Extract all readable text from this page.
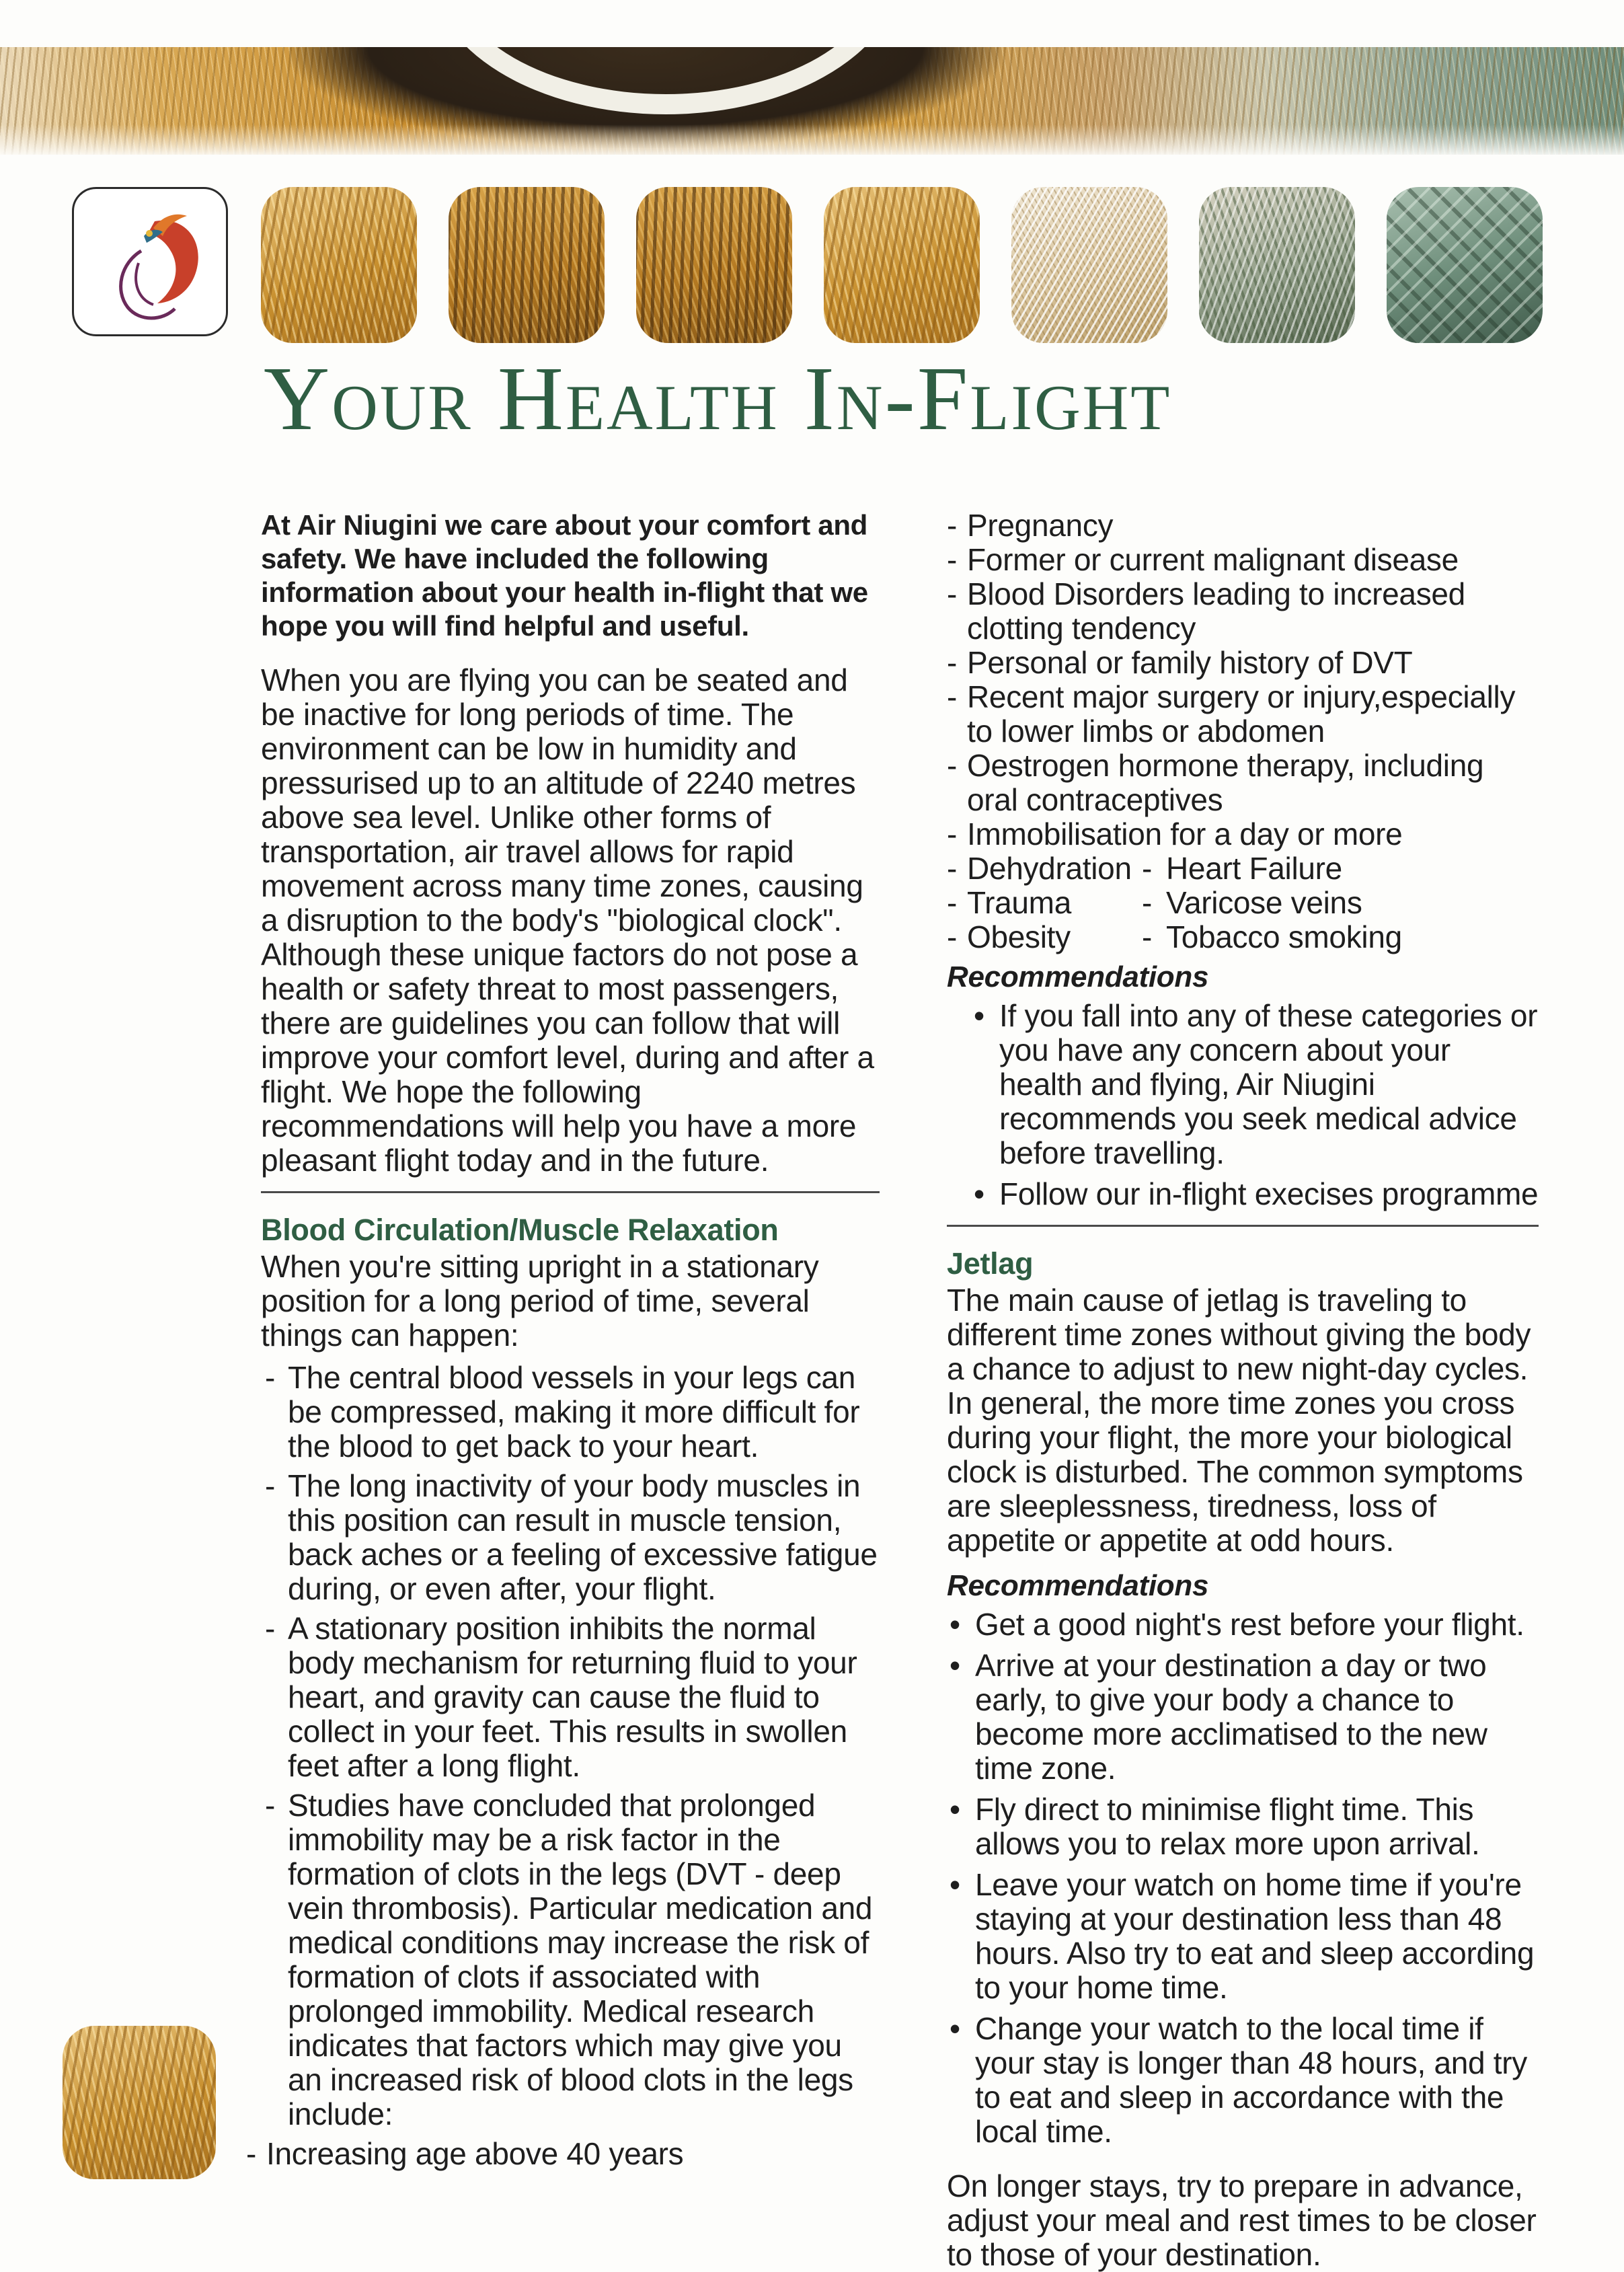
Your Health In-Flight

At Air Niugini we care about your comfort and safety. We have included the following information about your health in-flight that we hope you will find helpful and useful.

When you are flying you can be seated and be inactive for long periods of time. The environment can be low in humidity and pressurised up to an altitude of 2240 metres above sea level. Unlike other forms of transportation, air travel allows for rapid movement across many time zones, causing a disruption to the body's "biological clock". Although these unique factors do not pose a health or safety threat to most passengers, there are guidelines you can follow that will improve your comfort level, during and after a flight. We hope the following recommendations will help you have a more pleasant flight today and in the future.

Blood Circulation/Muscle Relaxation

When you're sitting upright in a stationary position for a long period of time, several things can happen:

- The central blood vessels in your legs can be compressed, making it more difficult for the blood to get back to your heart.

- The long inactivity of your body muscles in this position can result in muscle tension, back aches or a feeling of excessive fatigue during, or even after, your flight.

- A stationary position inhibits the normal body mechanism for returning fluid to your heart, and gravity can cause the fluid to collect in your feet. This results in swollen feet after a long flight.

- Studies have concluded that prolonged immobility may be a risk factor in the formation of clots in the legs (DVT - deep vein thrombosis). Particular medication and medical conditions may increase the risk of formation of clots if associated with prolonged immobility. Medical research indicates that factors which may give you an increased risk of blood clots in the legs include:

- Increasing age above 40 years

- Pregnancy

- Former or current malignant disease

- Blood Disorders leading to increased clotting tendency

- Personal or family history of DVT

- Recent major surgery or injury,especially to lower limbs or abdomen

- Oestrogen hormone therapy, including oral contraceptives

- Immobilisation for a day or more

- Dehydration	- Heart Failure
- Trauma	- Varicose veins
- Obesity	- Tobacco smoking

Recommendations

• If you fall into any of these categories or you have any concern about your health and flying, Air Niugini recommends you seek medical advice before travelling.

• Follow our in-flight execises programme

Jetlag

The main cause of jetlag is traveling to different time zones without giving the body a chance to adjust to new night-day cycles. In general, the more time zones you cross during your flight, the more your biological clock is disturbed. The common symptoms are sleeplessness, tiredness, loss of appetite or appetite at odd hours.

Recommendations

• Get a good night's rest before your flight.

• Arrive at your destination a day or two early, to give your body a chance to become more acclimatised to the new time zone.

• Fly direct to minimise flight time. This allows you to relax more upon arrival.

• Leave your watch on home time if you're staying at your destination less than 48 hours. Also try to eat and sleep according to your home time.

• Change your watch to the local time if your stay is longer than 48 hours, and try to eat and sleep in accordance with the local time.

On longer stays, try to prepare in advance, adjust your meal and rest times to be closer to those of your destination.
